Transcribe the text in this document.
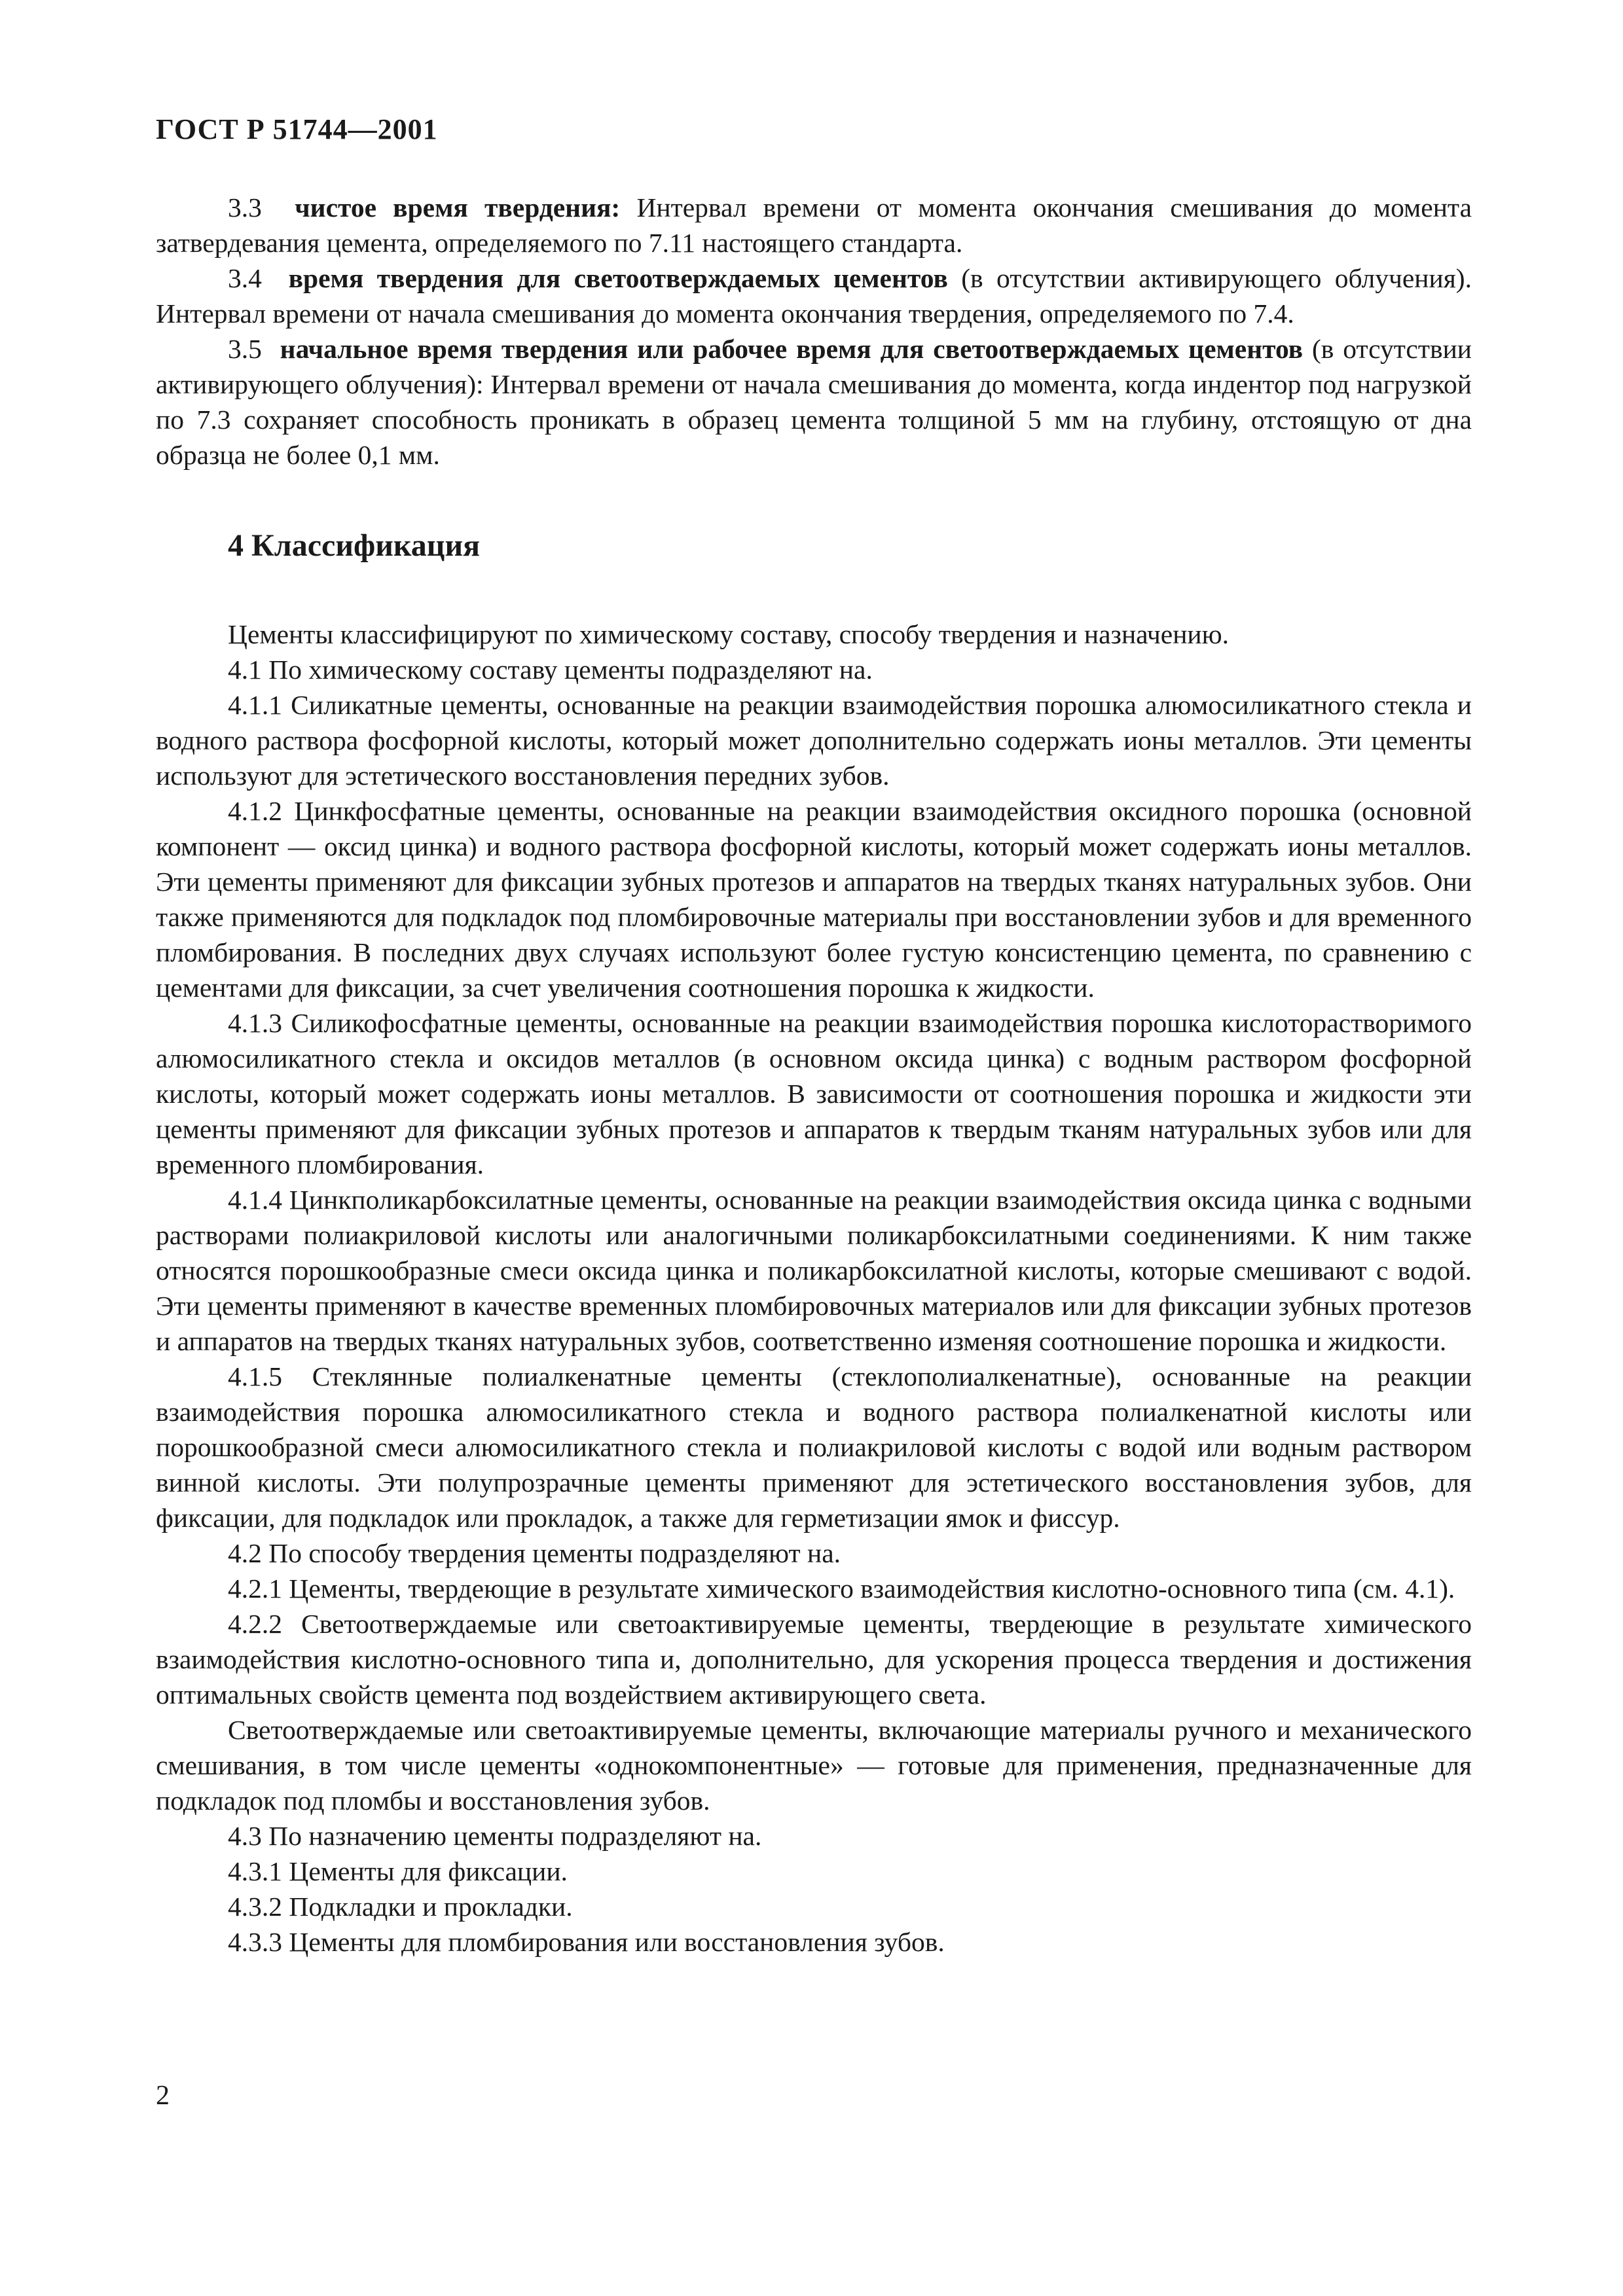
ГОСТ Р 51744—2001

3.3 чистое время твердения: Интервал времени от момента окончания смешивания до момента затвердевания цемента, определяемого по 7.11 настоящего стандарта.

3.4 время твердения для светоотверждаемых цементов (в отсутствии активирующего облучения). Интервал времени от начала смешивания до момента окончания твердения, определяемого по 7.4.

3.5 начальное время твердения или рабочее время для светоотверждаемых цементов (в отсутствии активирующего облучения): Интервал времени от начала смешивания до момента, когда индентор под нагрузкой по 7.3 сохраняет способность проникать в образец цемента толщиной 5 мм на глубину, отстоящую от дна образца не более 0,1 мм.

4 Классификация

Цементы классифицируют по химическому составу, способу твердения и назначению.

4.1 По химическому составу цементы подразделяют на.

4.1.1 Силикатные цементы, основанные на реакции взаимодействия порошка алюмосиликатного стекла и водного раствора фосфорной кислоты, который может дополнительно содержать ионы металлов. Эти цементы используют для эстетического восстановления передних зубов.

4.1.2 Цинкфосфатные цементы, основанные на реакции взаимодействия оксидного порошка (основной компонент — оксид цинка) и водного раствора фосфорной кислоты, который может содержать ионы металлов. Эти цементы применяют для фиксации зубных протезов и аппаратов на твердых тканях натуральных зубов. Они также применяются для подкладок под пломбировочные материалы при восстановлении зубов и для временного пломбирования. В последних двух случаях используют более густую консистенцию цемента, по сравнению с цементами для фиксации, за счет увеличения соотношения порошка к жидкости.

4.1.3 Силикофосфатные цементы, основанные на реакции взаимодействия порошка кислоторастворимого алюмосиликатного стекла и оксидов металлов (в основном оксида цинка) с водным раствором фосфорной кислоты, который может содержать ионы металлов. В зависимости от соотношения порошка и жидкости эти цементы применяют для фиксации зубных протезов и аппаратов к твердым тканям натуральных зубов или для временного пломбирования.

4.1.4 Цинкполикарбоксилатные цементы, основанные на реакции взаимодействия оксида цинка с водными растворами полиакриловой кислоты или аналогичными поликарбоксилатными соединениями. К ним также относятся порошкообразные смеси оксида цинка и поликарбоксилатной кислоты, которые смешивают с водой. Эти цементы применяют в качестве временных пломбировочных материалов или для фиксации зубных протезов и аппаратов на твердых тканях натуральных зубов, соответственно изменяя соотношение порошка и жидкости.

4.1.5 Стеклянные полиалкенатные цементы (стеклополиалкенатные), основанные на реакции взаимодействия порошка алюмосиликатного стекла и водного раствора полиалкенатной кислоты или порошкообразной смеси алюмосиликатного стекла и полиакриловой кислоты с водой или водным раствором винной кислоты. Эти полупрозрачные цементы применяют для эстетического восстановления зубов, для фиксации, для подкладок или прокладок, а также для герметизации ямок и фиссур.

4.2 По способу твердения цементы подразделяют на.

4.2.1 Цементы, твердеющие в результате химического взаимодействия кислотно-основного типа (см. 4.1).

4.2.2 Светоотверждаемые или светоактивируемые цементы, твердеющие в результате химического взаимодействия кислотно-основного типа и, дополнительно, для ускорения процесса твердения и достижения оптимальных свойств цемента под воздействием активирующего света.

Светоотверждаемые или светоактивируемые цементы, включающие материалы ручного и механического смешивания, в том числе цементы «однокомпонентные» — готовые для применения, предназначенные для подкладок под пломбы и восстановления зубов.

4.3 По назначению цементы подразделяют на.

4.3.1 Цементы для фиксации.

4.3.2 Подкладки и прокладки.

4.3.3 Цементы для пломбирования или восстановления зубов.

2
